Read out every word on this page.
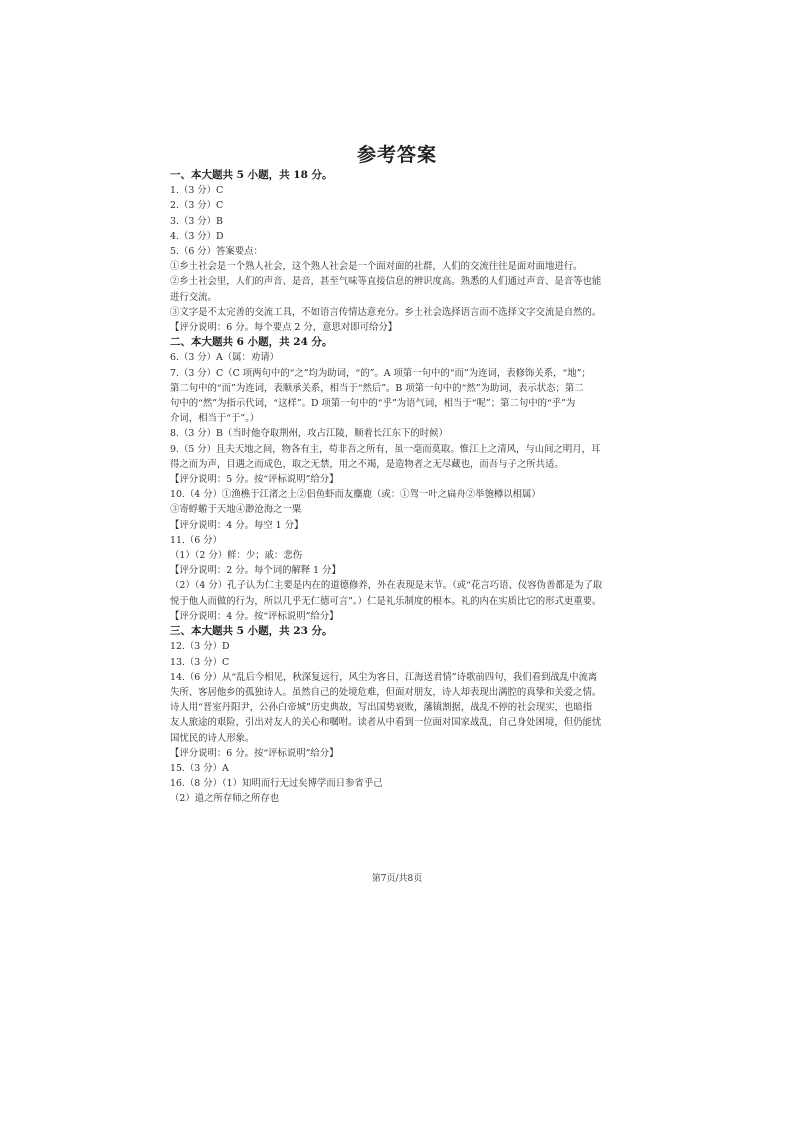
参考答案
一、本大题共 5 小题，共 18 分。
1.（3 分）C
2.（3 分）C
3.（3 分）B
4.（3 分）D
5.（6 分）答案要点：
①乡土社会是一个熟人社会，这个熟人社会是一个面对面的社群，人们的交流往往是面对面地进行。
②乡土社会里，人们的声音、是音，甚至气味等直接信息的辨识度高。熟悉的人们通过声音、是音等也能
进行交流。
③文字是不太完善的交流工具，不如语言传情达意充分。乡土社会选择语言而不选择文字交流是自然的。
【评分说明：6 分。每个要点 2 分，意思对即可给分】
二、本大题共 6 小题，共 24 分。
6.（3 分）A（属：劝请）
7.（3 分）C（C 项两句中的“之”均为助词，“的”。A 项第一句中的“而”为连词，表修饰关系，“地”；
第二句中的“而”为连词，表顺承关系，相当于“然后”。B 项第一句中的“然”为助词，表示状态；第二
句中的“然”为指示代词，“这样”。D 项第一句中的“乎”为语气词，相当于“呢”；第二句中的“乎”为
介词，相当于“于”。）
8.（3 分）B（当时他夺取荆州，攻占江陵，顺着长江东下的时候）
9.（5 分）且夫天地之间，物各有主，苟非吾之所有，虽一毫而莫取。惟江上之清风，与山间之明月，耳
得之而为声，目遇之而成色，取之无禁，用之不竭，是造物者之无尽藏也，而吾与子之所共适。
【评分说明：5 分。按“评标说明”给分】
10.（4 分）①渔樵于江渚之上②侣鱼虾而友麋鹿（或：①驾一叶之扁舟②举匏樽以相属）
③寄蜉蝣于天地④渺沧海之一粟
【评分说明：4 分。每空 1 分】
11.（6 分）
（1）（2 分）鲜：少；戚：悲伤
【评分说明：2 分。每个词的解释 1 分】
（2）（4 分）孔子认为仁主要是内在的道德修养，外在表现是末节。（或“花言巧语、仪容伪善都是为了取
悦于他人而做的行为，所以几乎无仁德可言”。）仁是礼乐制度的根本。礼的内在实质比它的形式更重要。
【评分说明：4 分。按“评标说明”给分】
三、本大题共 5 小题，共 23 分。
12.（3 分）D
13.（3 分）C
14.（6 分）从“乱后今相见，秋深复远行，风尘为客日，江海送君情”诗歌前四句，我们看到战乱中流离
失所、客居他乡的孤独诗人。虽然自己的处境危难，但面对朋友，诗人却表现出满腔的真挚和关爱之情。
诗人用“晋室丹阳尹，公孙白帝城”历史典故，写出国势衰败，藩镇割据，战乱不停的社会现实，也暗指
友人旅途的艰险，引出对友人的关心和嘱咐。读者从中看到一位面对国家战乱，自己身处困境，但仍能忧
国忧民的诗人形象。
【评分说明：6 分。按“评标说明”给分】
15.（3 分）A
16.（8 分）（1）知明而行无过矣博学而日参省乎己
（2）道之所存师之所存也
第7页/共8页
